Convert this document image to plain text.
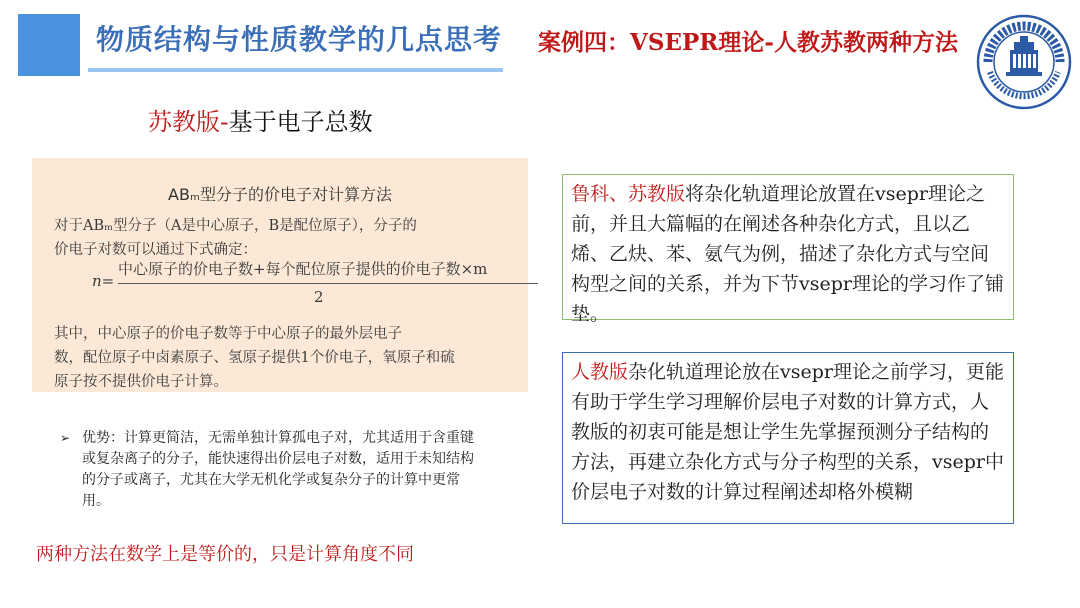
物质结构与性质教学的几点思考 案例四：VSEPR理论-人教苏教两种方法
苏教版-基于电子总数
ABₘ型分子的价电子对计算方法
对于ABₘ型分子（A是中心原子，B是配位原子），分子的
价电子对数可以通过下式确定：
n=
中心原子的价电子数+每个配位原子提供的价电子数×m
2
其中，中心原子的价电子数等于中心原子的最外层电子
数，配位原子中卤素原子、氢原子提供1个价电子，氧原子和硫
原子按不提供价电子计算。
➢ 优势：计算更简洁，无需单独计算孤电子对，尤其适用于含重键或复杂离子的分子，能快速得出价层电子对数，适用于未知结构的分子或离子，尤其在大学无机化学或复杂分子的计算中更常用。
两种方法在数学上是等价的，只是计算角度不同
鲁科、苏教版将杂化轨道理论放置在vsepr理论之前，并且大篇幅的在阐述各种杂化方式，且以乙烯、乙炔、苯、氨气为例，描述了杂化方式与空间构型之间的关系，并为下节vsepr理论的学习作了铺垫。
人教版杂化轨道理论放在vsepr理论之前学习，更能有助于学生学习理解价层电子对数的计算方式，人教版的初衷可能是想让学生先掌握预测分子结构的方法，再建立杂化方式与分子构型的关系，vsepr中价层电子对数的计算过程阐述却格外模糊
